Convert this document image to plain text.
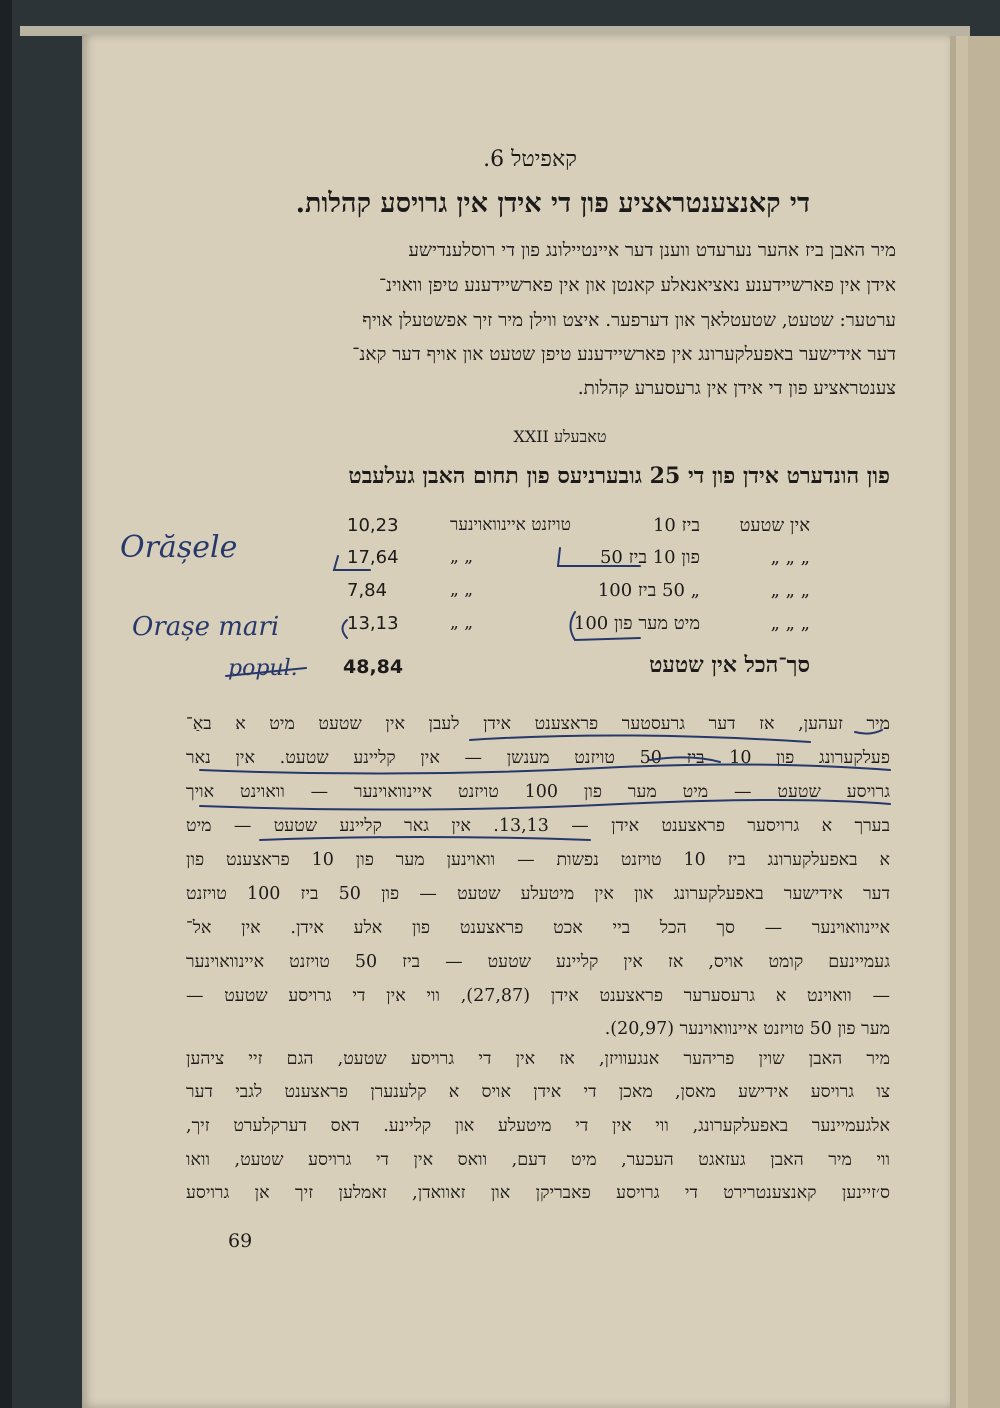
קאפיטל 6.
די קאנצענטראציע פון די אידן אין גרויסע קהלות.
מיר האבן ביז אהער נערעדט ווענן דער איינטיילונג פון די רוסלענדישע
אידן אין פארשיידענע נאציאנאלע קאנטן און אין פארשיידענע טיפן וואוינ־
ערטער: שטעט, שטעטלאך און דערפער. איצט ווילן מיר זיך אפשטעלן אויף
דער אידישער באפעלקערונג אין פארשיידענע טיפן שטעט און אויף דער קאנ־
צענטראציע פון די אידן אין גרעסערע קהלות.
טאבעלע XXII
פון הונדערט אידן פון די 25 גובערניעס פון תחום האבן געלעבט
אין שטעט
ביז 10
טויזנט איינוואוינער
10,23
„ „ „
פון 10 ביז 50
„ „
17,64
„ „ „
„ 50 ביז 100
„ „
7,84
„ „ „
מיט מער פון 100
„ „
13,13
סך־הכל אין שטעט
48,84
מיר זעהען, אז דער גרעסטער פראצענט אידן לעבן אין שטעט מיט א באַ־
פעלקערונג פון 10 ביז 50 טויזנט מענשן — אין קליינע שטעט. אין נאר
גרויסע שטעט — מיט מער פון 100 טויזנט איינוואוינער — וואוינט אויך
בערך א גרויסער פראצענט אידן — 13,13. אין גאר קליינע שטעט — מיט
א באפעלקערונג ביז 10 טויזנט נפשות — וואוינען מער פון 10 פראצענט פון
דער אידישער באפעלקערונג און אין מיטעלע שטעט — פון 50 ביז 100 טויזנט
איינוואוינער — סך הכל ביי אכט פראצענט פון אלע אידן. אין אל־
געמיינעם קומט אויס, אז אין קליינע שטעט — ביז 50 טויזנט איינוואוינער
— וואוינט א גרעסערער פראצענט אידן (27,87), ווי אין די גרויסע שטעט —
מער פון 50 טויזנט איינוואוינער (20,97).
מיר האבן שוין פריהער אנגעוויזן, אז אין די גרויסע שטעט, הגם זיי ציהען
צו גרויסע אידישע מאסן, מאכן די אידן אויס א קלענערן פראצענט לגבי דער
אלגעמיינער באפעלקערונג, ווי אין די מיטעלע און קליינע. דאס דערקלערט זיך,
ווי מיר האבן געזאגט העכער, מיט דעם, וואס אין די גרויסע שטעט, וואו
ס׳זיינען קאנצענטרירט די גרויסע פאבריקן און זאוואדן, זאמלען זיך אן גרויסע
69
Orășele
Orașe mari
popul.
